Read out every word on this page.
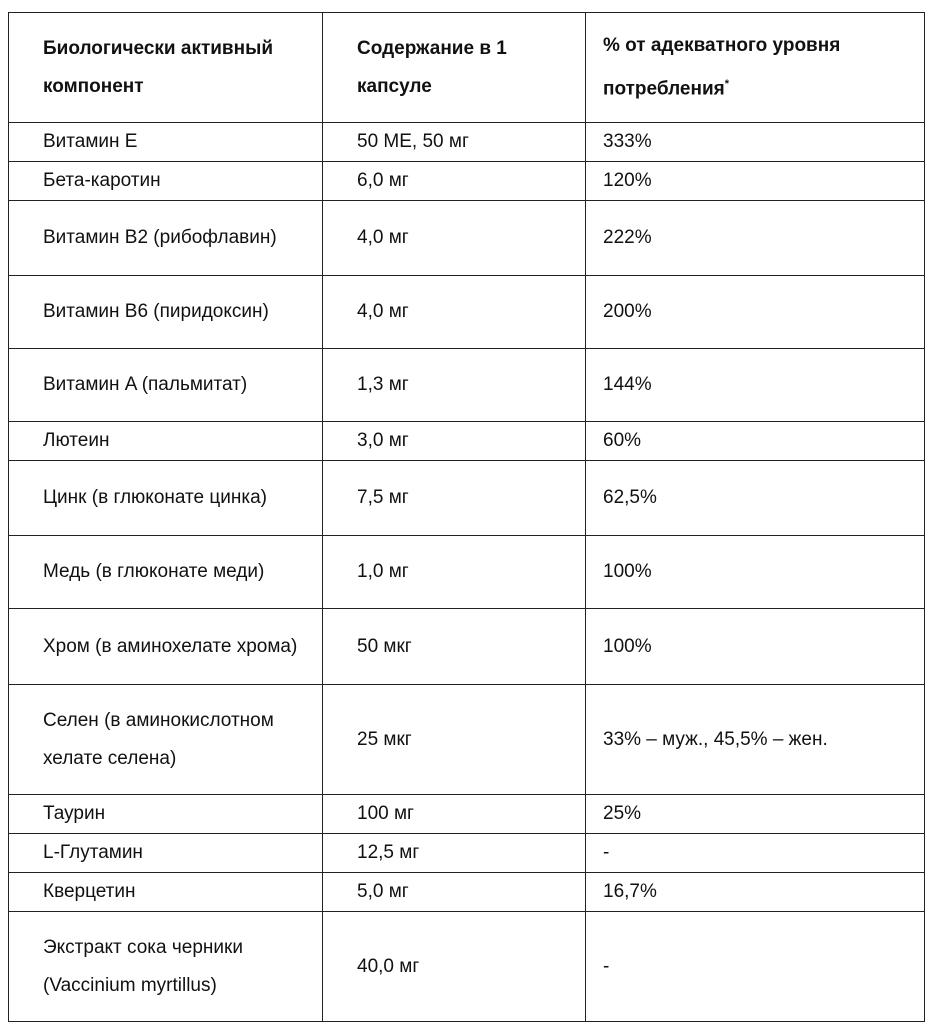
Биологически активный компонент	Содержание в 1 капсуле	% от адекватного уровня потребления*
Витамин E	50 МЕ, 50 мг	333%
Бета-каротин	6,0 мг	120%
Витамин B2 (рибофлавин)	4,0 мг	222%
Витамин B6 (пиридоксин)	4,0 мг	200%
Витамин A (пальмитат)	1,3 мг	144%
Лютеин	3,0 мг	60%
Цинк (в глюконате цинка)	7,5 мг	62,5%
Медь (в глюконате меди)	1,0 мг	100%
Хром (в аминохелате хрома)	50 мкг	100%
Селен (в аминокислотном хелате селена)	25 мкг	33% – муж., 45,5% – жен.
Таурин	100 мг	25%
L-Глутамин	12,5 мг	-
Кверцетин	5,0 мг	16,7%
Экстракт сока черники (Vaccinium myrtillus)	40,0 мг	-
